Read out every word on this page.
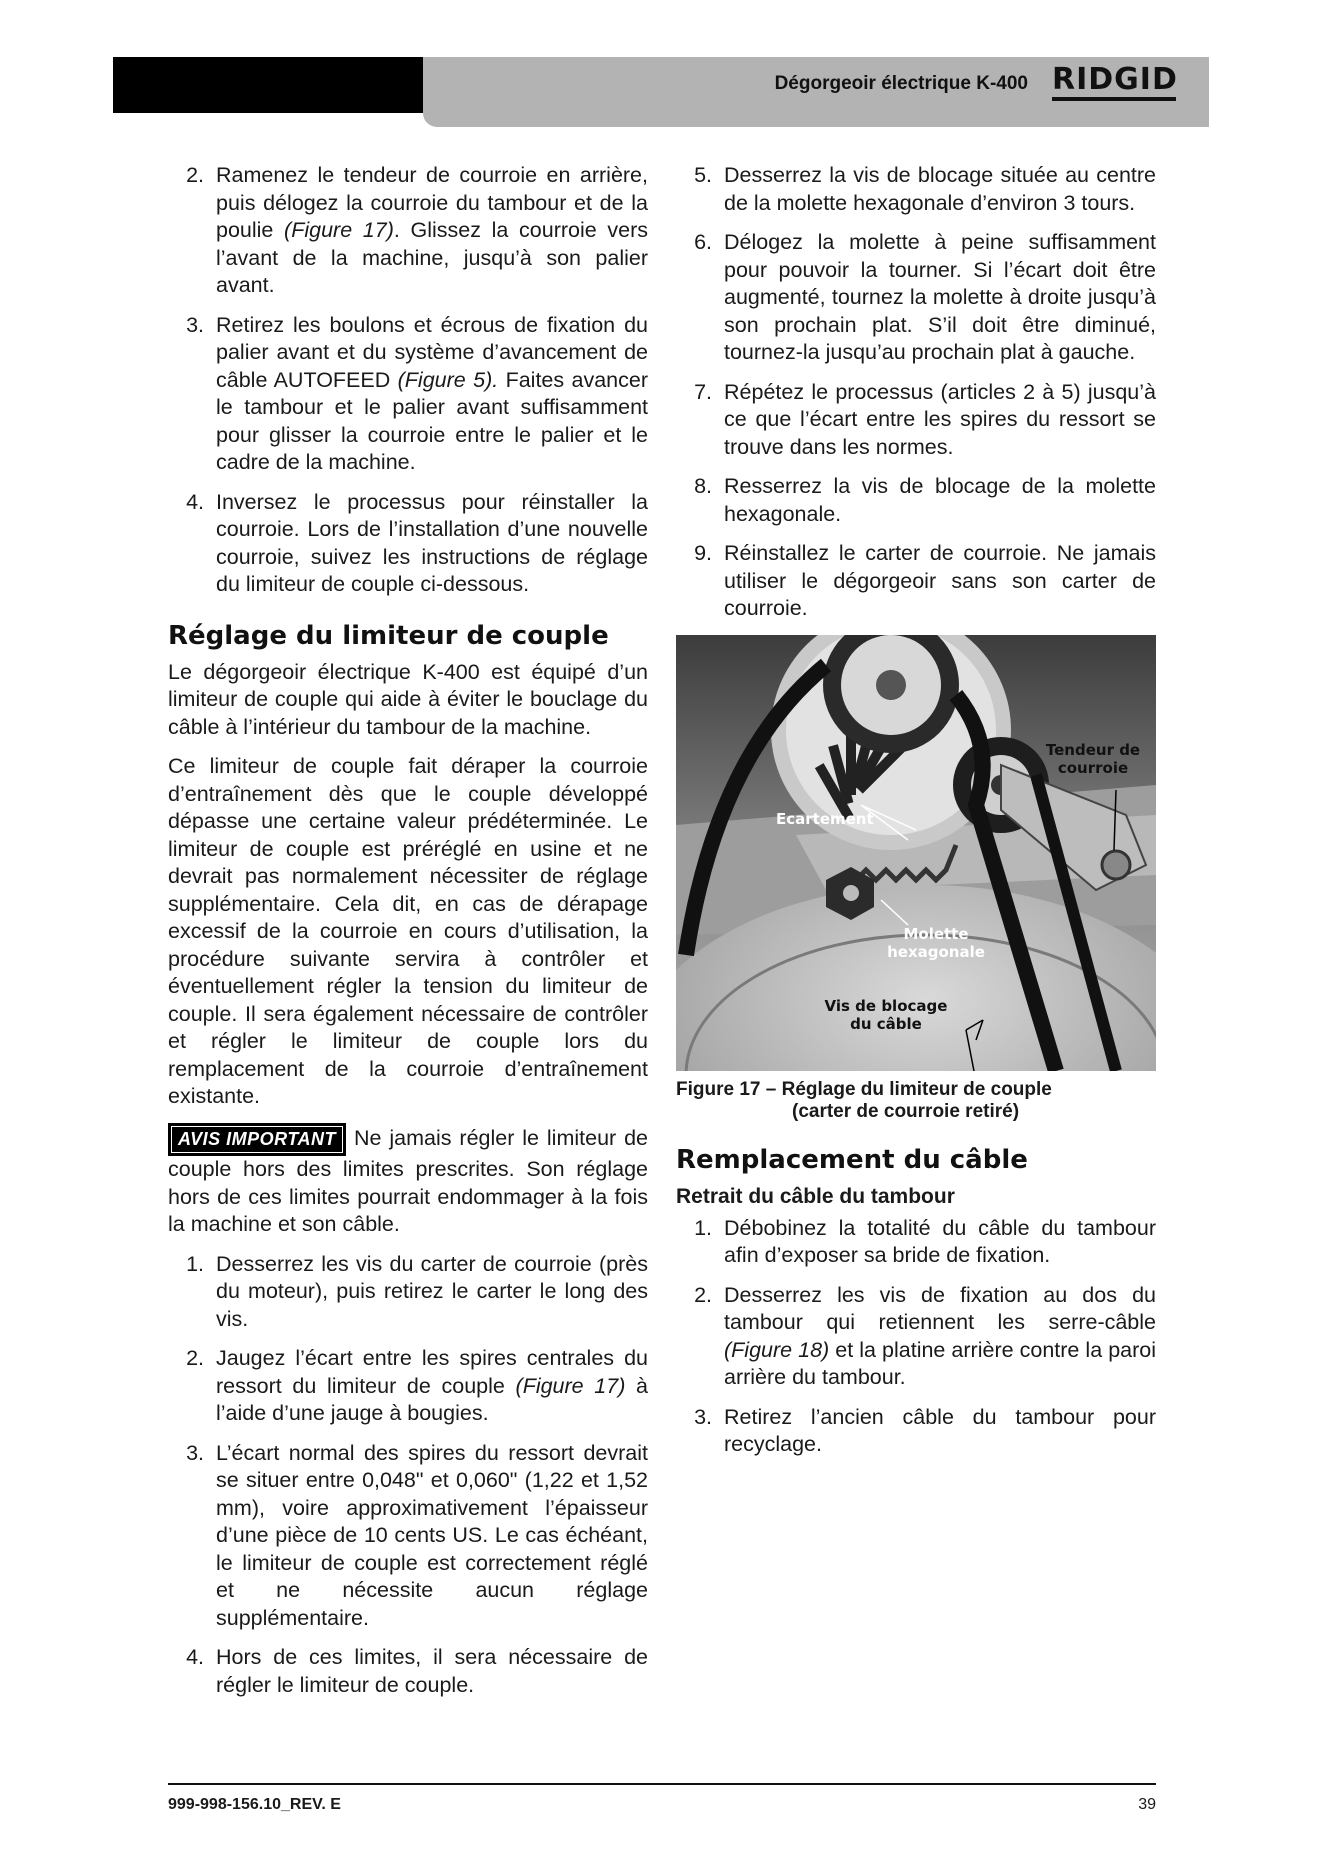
Dégorgeoir électrique K-400 RIDGID
2. Ramenez le tendeur de courroie en arrière, puis délogez la courroie du tambour et de la poulie (Figure 17). Glissez la courroie vers l’avant de la machine, jusqu’à son palier avant.
3. Retirez les boulons et écrous de fixation du palier avant et du système d’avancement de câble AUTOFEED (Figure 5). Faites avancer le tambour et le palier avant suffisamment pour glisser la courroie entre le palier et le cadre de la machine.
4. Inversez le processus pour réinstaller la courroie. Lors de l’installation d’une nouvelle courroie, suivez les instructions de réglage du limiteur de couple ci-dessous.
Réglage du limiteur de couple

Le dégorgeoir électrique K-400 est équipé d’un limiteur de couple qui aide à éviter le bouclage du câble à l’intérieur du tambour de la machine.

Ce limiteur de couple fait déraper la courroie d’entraînement dès que le couple développé dépasse une certaine valeur prédéterminée. Le limiteur de couple est préréglé en usine et ne devrait pas normalement nécessiter de réglage supplémentaire. Cela dit, en cas de dérapage excessif de la courroie en cours d’utilisation, la procédure suivante servira à contrôler et éventuellement régler la tension du limiteur de couple. Il sera également nécessaire de contrôler et régler le limiteur de couple lors du remplacement de la courroie d’entraînement existante.

AVIS IMPORTANT Ne jamais régler le limiteur de couple hors des limites prescrites. Son réglage hors de ces limites pourrait endommager à la fois la machine et son câble.

1. Desserrez les vis du carter de courroie (près du moteur), puis retirez le carter le long des vis.
2. Jaugez l’écart entre les spires centrales du ressort du limiteur de couple (Figure 17) à l’aide d’une jauge à bougies.
3. L’écart normal des spires du ressort devrait se situer entre 0,048" et 0,060" (1,22 et 1,52 mm), voire approximativement l’épaisseur d’une pièce de 10 cents US. Le cas échéant, le limiteur de couple est correctement réglé et ne nécessite aucun réglage supplémentaire.
4. Hors de ces limites, il sera nécessaire de régler le limiteur de couple.
5. Desserrez la vis de blocage située au centre de la molette hexagonale d’environ 3 tours.
6. Délogez la molette à peine suffisamment pour pouvoir la tourner. Si l’écart doit être augmenté, tournez la molette à droite jusqu’à son prochain plat. S’il doit être diminué, tournez-la jusqu’au prochain plat à gauche.
7. Répétez le processus (articles 2 à 5) jusqu’à ce que l’écart entre les spires du ressort se trouve dans les normes.
8. Resserrez la vis de blocage de la molette hexagonale.
9. Réinstallez le carter de courroie. Ne jamais utiliser le dégorgeoir sans son carter de courroie.
Tendeur de courroie
Ecartement
Molette hexagonale
Vis de blocage du câble
Figure 17 – Réglage du limiteur de couple
(carter de courroie retiré)
Remplacement du câble
Retrait du câble du tambour
1. Débobinez la totalité du câble du tambour afin d’exposer sa bride de fixation.
2. Desserrez les vis de fixation au dos du tambour qui retiennent les serre-câble (Figure 18) et la platine arrière contre la paroi arrière du tambour.
3. Retirez l’ancien câble du tambour pour recyclage.
999-998-156.10_REV. E	39
